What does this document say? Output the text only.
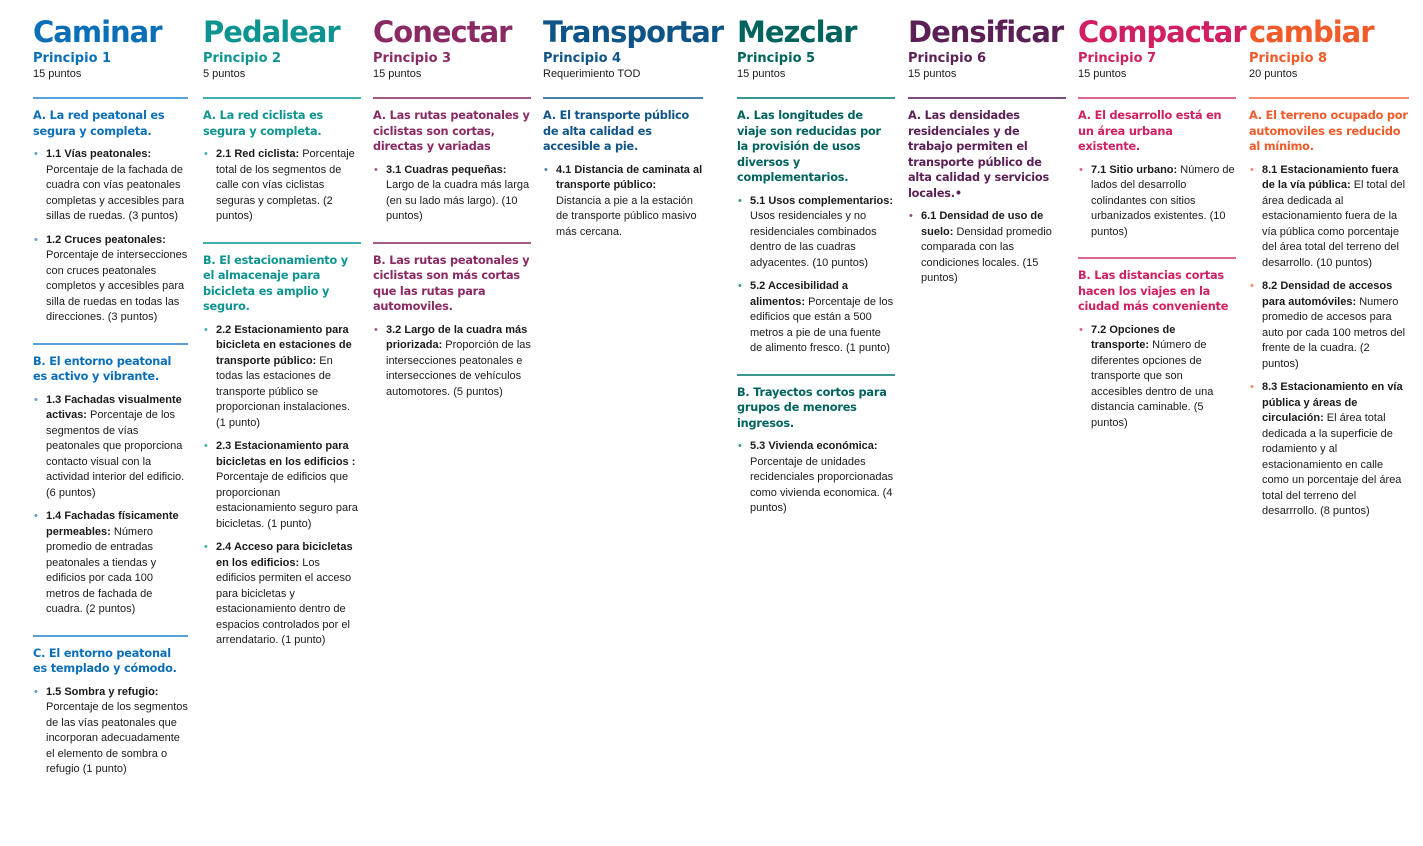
Caminar
Principio 1
15 puntos
A. La red peatonal es segura y completa.
• 1.1 Vías peatonales: Porcentaje de la fachada de cuadra con vías peatonales completas y accesibles para sillas de ruedas. (3 puntos)
• 1.2 Cruces peatonales: Porcentaje de intersecciones con cruces peatonales completos y accesibles para silla de ruedas en todas las direcciones. (3 puntos)
B. El entorno peatonal es activo y vibrante.
• 1.3 Fachadas visualmente activas: Porcentaje de los segmentos de vías peatonales que proporciona contacto visual con la actividad interior del edificio. (6 puntos)
• 1.4 Fachadas físicamente permeables: Número promedio de entradas peatonales a tiendas y edificios por cada 100 metros de fachada de cuadra. (2 puntos)
C. El entorno peatonal es templado y cómodo.
• 1.5 Sombra y refugio: Porcentaje de los segmentos de las vías peatonales que incorporan adecuadamente el elemento de sombra o refugio (1 punto)
Pedalear
Principio 2
5 puntos
A. La red ciclista es segura y completa.
• 2.1 Red ciclista: Porcentaje total de los segmentos de calle con vías ciclistas seguras y completas. (2 puntos)
B. El estacionamiento y el almacenaje para bicicleta es amplio y seguro.
• 2.2 Estacionamiento para bicicleta en estaciones de transporte público: En todas las estaciones de transporte público se proporcionan instalaciones. (1 punto)
• 2.3 Estacionamiento para bicicletas en los edificios : Porcentaje de edificios que proporcionan estacionamiento seguro para bicicletas. (1 punto)
• 2.4 Acceso para bicicletas en los edificios: Los edificios permiten el acceso para bicicletas y estacionamiento dentro de espacios controlados por el arrendatario. (1 punto)
Conectar
Principio 3
15 puntos
A. Las rutas peatonales y ciclistas son cortas, directas y variadas
• 3.1 Cuadras pequeñas: Largo de la cuadra más larga (en su lado más largo). (10 puntos)
B. Las rutas peatonales y ciclistas son más cortas que las rutas para automoviles.
• 3.2 Largo de la cuadra más priorizada: Proporción de las intersecciones peatonales e intersecciones de vehículos automotores. (5 puntos)
Transportar
Principio 4
Requerimiento TOD
A. El transporte público de alta calidad es accesible a pie.
• 4.1 Distancia de caminata al transporte público: Distancia a pie a la estación de transporte público masivo más cercana.
Mezclar
Principio 5
15 puntos
A. Las longitudes de viaje son reducidas por la provisión de usos diversos y complementarios.
• 5.1 Usos complementarios: Usos residenciales y no residenciales combinados dentro de las cuadras adyacentes. (10 puntos)
• 5.2 Accesibilidad a alimentos: Porcentaje de los edificios que están a 500 metros a pie de una fuente de alimento fresco. (1 punto)
B. Trayectos cortos para grupos de menores ingresos.
• 5.3 Vivienda económica: Porcentaje de unidades recidenciales proporcionadas como vivienda economica. (4 puntos)
Densificar
Principio 6
15 puntos
A. Las densidades residenciales y de trabajo permiten el transporte público de alta calidad y servicios locales.•
• 6.1 Densidad de uso de suelo: Densidad promedio comparada con las condiciones locales. (15 puntos)
Compactar
Principio 7
15 puntos
A. El desarrollo está en un área urbana existente.
• 7.1 Sitio urbano: Número de lados del desarrollo colindantes con sitios urbanizados existentes. (10 puntos)
B. Las distancias cortas hacen los viajes en la ciudad más conveniente
• 7.2 Opciones de transporte: Número de diferentes opciones de transporte que son accesibles dentro de una distancia caminable. (5 puntos)
cambiar
Principio 8
20 puntos
A. El terreno ocupado por automoviles es reducido al mínimo.
• 8.1 Estacionamiento fuera de la vía pública: El total del área dedicada al estacionamiento fuera de la vía pública como porcentaje del área total del terreno del desarrollo. (10 puntos)
• 8.2 Densidad de accesos para automóviles: Numero promedio de accesos para auto por cada 100 metros del frente de la cuadra. (2 puntos)
• 8.3 Estacionamiento en vía pública y áreas de circulación: El área total dedicada a la superficie de rodamiento y al estacionamiento en calle como un porcentaje del área total del terreno del desarrrollo. (8 puntos)
